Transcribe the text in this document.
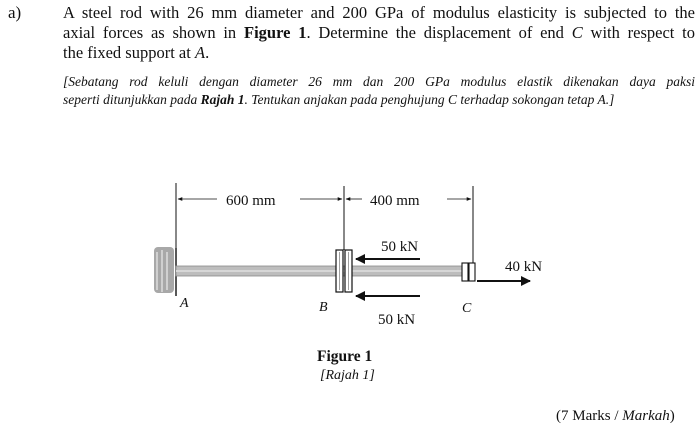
a)	A steel rod with 26 mm diameter and 200 GPa of modulus elasticity is subjected to the
axial forces as shown in Figure 1. Determine the displacement of end C with respect to
the fixed support at A.
[Sebatang rod keluli dengan diameter 26 mm dan 200 GPa modulus elastik dikenakan daya paksi
seperti ditunjukkan pada Rajah 1. Tentukan anjakan pada penghujung C terhadap sokongan tetap A.]
600 mm	400 mm
50 kN
50 kN
40 kN
A	B	C
Figure 1
[Rajah 1]
(7 Marks / Markah)
